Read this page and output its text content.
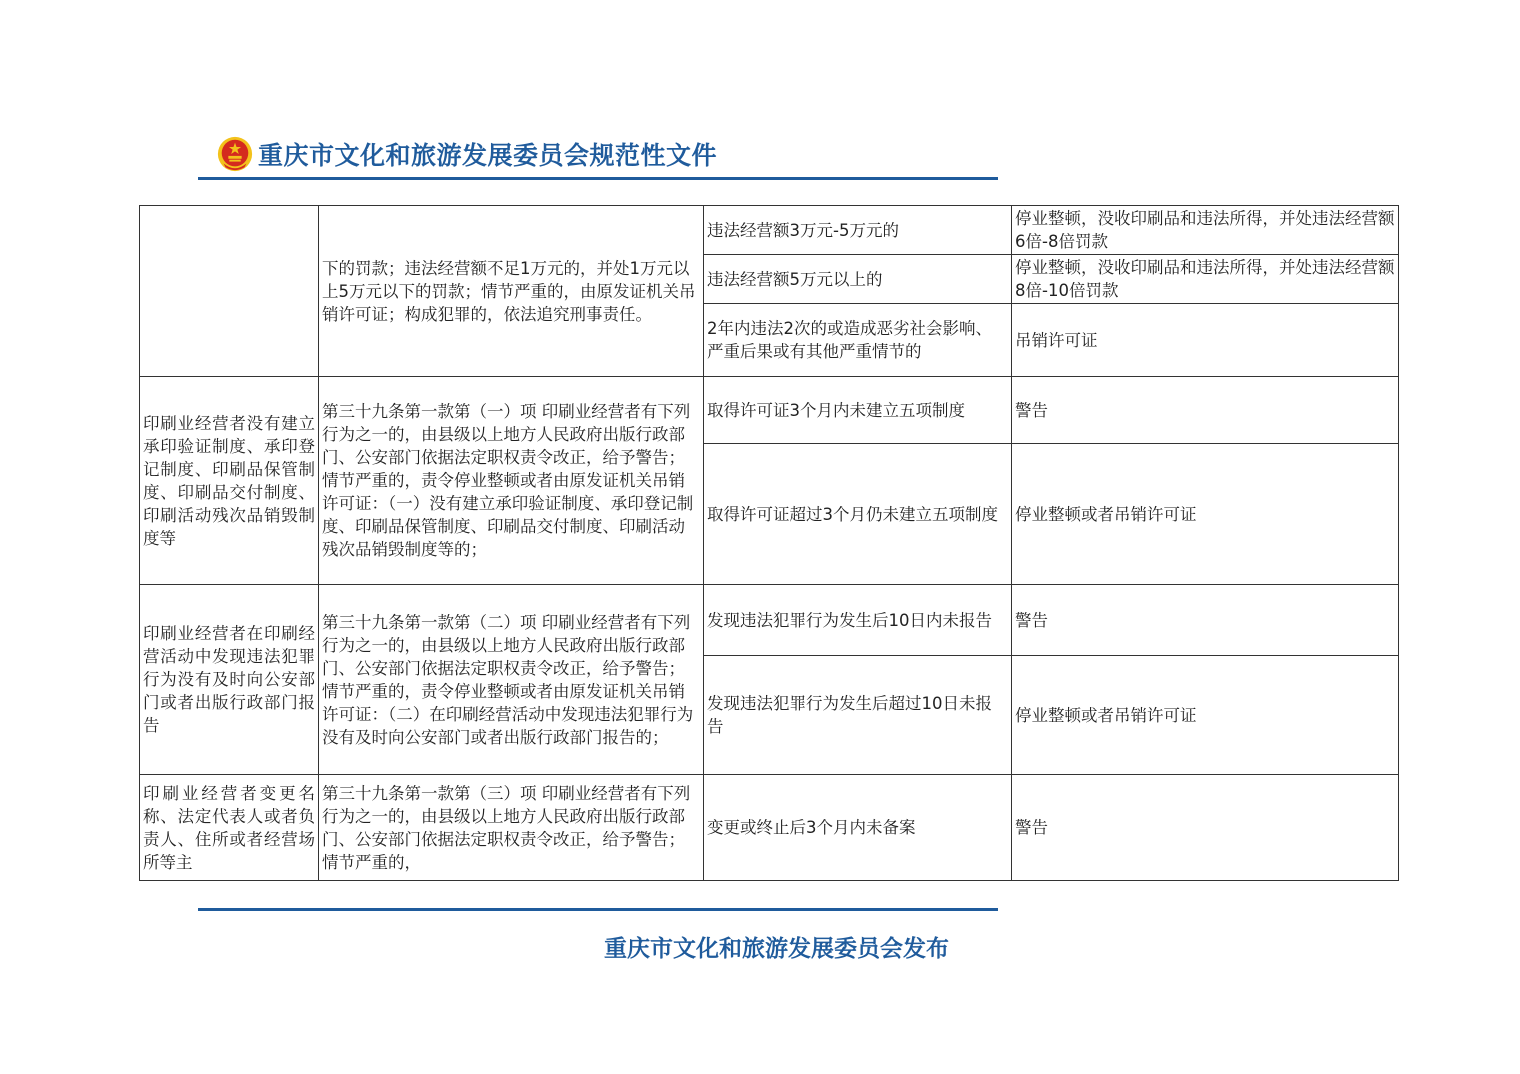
重庆市文化和旅游发展委员会规范性文件
	下的罚款；违法经营额不足1万元的，并处1万元以上5万元以下的罚款；情节严重的，由原发证机关吊销许可证；构成犯罪的，依法追究刑事责任。	违法经营额3万元-5万元的	停业整顿，没收印刷品和违法所得，并处违法经营额6倍-8倍罚款
		违法经营额5万元以上的	停业整顿，没收印刷品和违法所得，并处违法经营额8倍-10倍罚款
		2年内违法2次的或造成恶劣社会影响、严重后果或有其他严重情节的	吊销许可证
印刷业经营者没有建立承印验证制度、承印登记制度、印刷品保管制度、印刷品交付制度、印刷活动残次品销毁制度等	第三十九条第一款第（一）项 印刷业经营者有下列行为之一的，由县级以上地方人民政府出版行政部门、公安部门依据法定职权责令改正，给予警告；情节严重的，责令停业整顿或者由原发证机关吊销许可证：（一）没有建立承印验证制度、承印登记制度、印刷品保管制度、印刷品交付制度、印刷活动残次品销毁制度等的；	取得许可证3个月内未建立五项制度	警告
		取得许可证超过3个月仍未建立五项制度	停业整顿或者吊销许可证
印刷业经营者在印刷经营活动中发现违法犯罪行为没有及时向公安部门或者出版行政部门报告	第三十九条第一款第（二）项 印刷业经营者有下列行为之一的，由县级以上地方人民政府出版行政部门、公安部门依据法定职权责令改正，给予警告；情节严重的，责令停业整顿或者由原发证机关吊销许可证：（二）在印刷经营活动中发现违法犯罪行为没有及时向公安部门或者出版行政部门报告的；	发现违法犯罪行为发生后10日内未报告	警告
		发现违法犯罪行为发生后超过10日未报告	停业整顿或者吊销许可证
印刷业经营者变更名称、法定代表人或者负责人、住所或者经营场所等主	第三十九条第一款第（三）项 印刷业经营者有下列行为之一的，由县级以上地方人民政府出版行政部门、公安部门依据法定职权责令改正，给予警告；情节严重的，	变更或终止后3个月内未备案	警告
重庆市文化和旅游发展委员会发布
